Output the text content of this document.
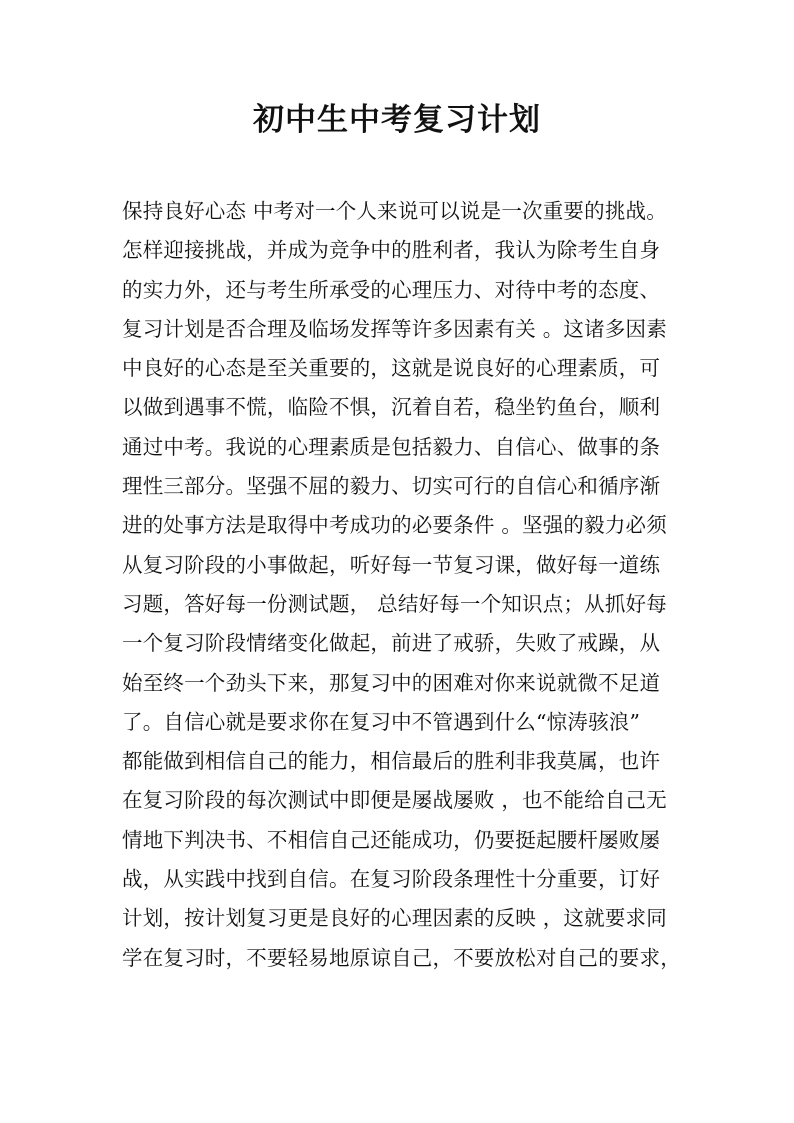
初中生中考复习计划
保持良好心态 中考对一个人来说可以说是一次重要的挑战。
怎样迎接挑战，并成为竞争中的胜利者，我认为除考生自身
的实力外，还与考生所承受的心理压力、对待中考的态度、
复习计划是否合理及临场发挥等许多因素有关 。这诸多因素
中良好的心态是至关重要的，这就是说良好的心理素质，可
以做到遇事不慌，临险不惧，沉着自若，稳坐钓鱼台，顺利
通过中考。我说的心理素质是包括毅力、自信心、做事的条
理性三部分。坚强不屈的毅力、切实可行的自信心和循序渐
进的处事方法是取得中考成功的必要条件 。坚强的毅力必须
从复习阶段的小事做起，听好每一节复习课，做好每一道练
习题，答好每一份测试题， 总结好每一个知识点；从抓好每
一个复习阶段情绪变化做起，前进了戒骄，失败了戒躁，从
始至终一个劲头下来，那复习中的困难对你来说就微不足道
了。自信心就是要求你在复习中不管遇到什么“惊涛骇浪”
都能做到相信自己的能力，相信最后的胜利非我莫属，也许
在复习阶段的每次测试中即便是屡战屡败 ，也不能给自己无
情地下判决书、不相信自己还能成功，仍要挺起腰杆屡败屡
战，从实践中找到自信。在复习阶段条理性十分重要，订好
计划，按计划复习更是良好的心理因素的反映 ，这就要求同
学在复习时，不要轻易地原谅自己，不要放松对自己的要求，
